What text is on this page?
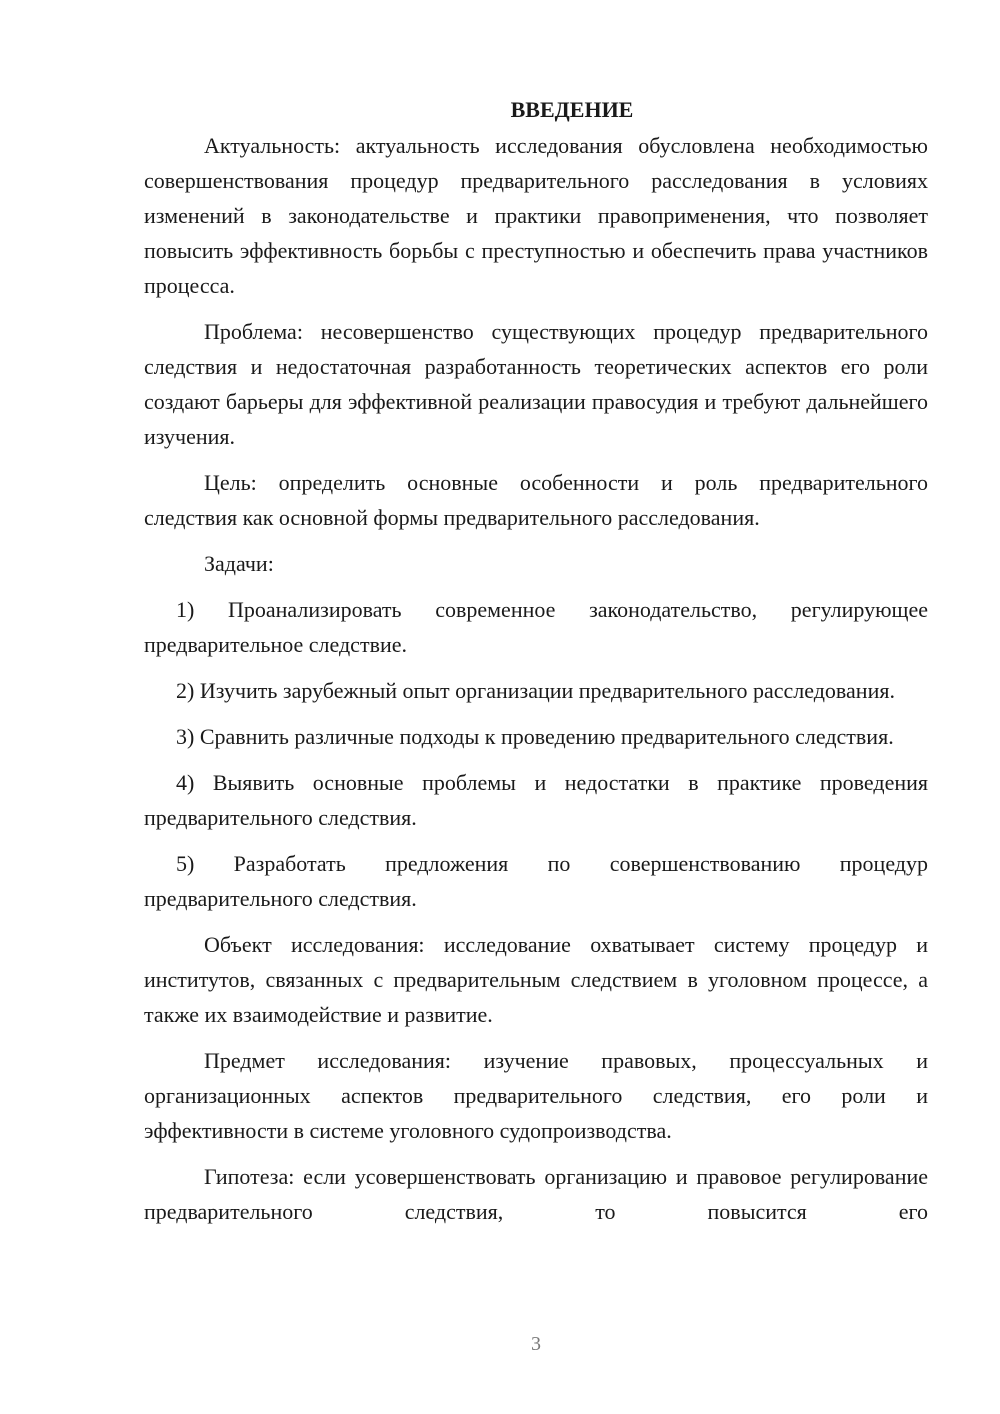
ВВЕДЕНИЕ

Актуальность: актуальность исследования обусловлена необходимостью совершенствования процедур предварительного расследования в условиях изменений в законодательстве и практики правоприменения, что позволяет повысить эффективность борьбы с преступностью и обеспечить права участников процесса.

Проблема: несовершенство существующих процедур предварительного следствия и недостаточная разработанность теоретических аспектов его роли создают барьеры для эффективной реализации правосудия и требуют дальнейшего изучения.

Цель: определить основные особенности и роль предварительного следствия как основной формы предварительного расследования.

Задачи:

1) Проанализировать современное законодательство, регулирующее предварительное следствие.

2) Изучить зарубежный опыт организации предварительного расследования.

3) Сравнить различные подходы к проведению предварительного следствия.

4) Выявить основные проблемы и недостатки в практике проведения предварительного следствия.

5) Разработать предложения по совершенствованию процедур предварительного следствия.

Объект исследования: исследование охватывает систему процедур и институтов, связанных с предварительным следствием в уголовном процессе, а также их взаимодействие и развитие.

Предмет исследования: изучение правовых, процессуальных и организационных аспектов предварительного следствия, его роли и эффективности в системе уголовного судопроизводства.

Гипотеза: если усовершенствовать организацию и правовое регулирование предварительного следствия, то повысится его

3
